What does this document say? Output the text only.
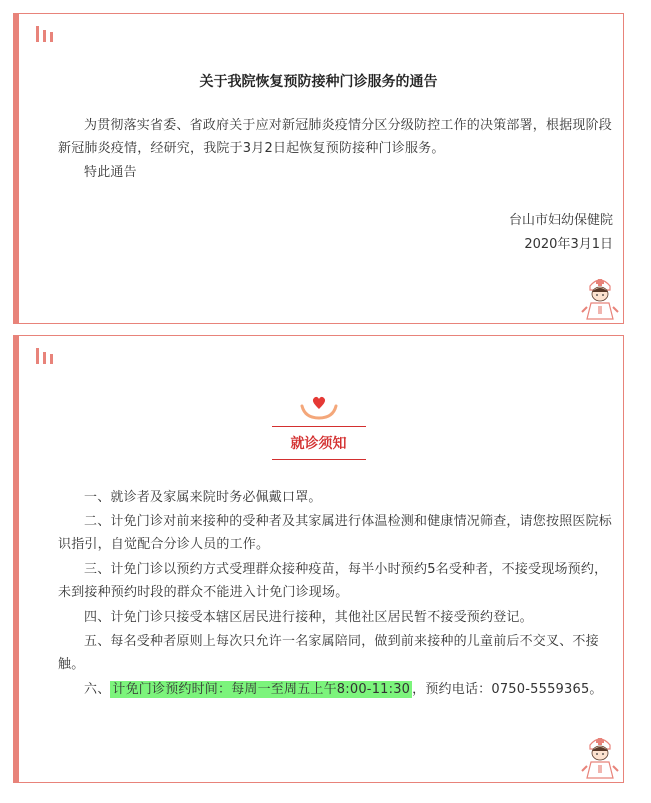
关于我院恢复预防接种门诊服务的通告

为贯彻落实省委、省政府关于应对新冠肺炎疫情分区分级防控工作的决策部署，根据现阶段新冠肺炎疫情，经研究，我院于3月2日起恢复预防接种门诊服务。

特此通告

台山市妇幼保健院
2020年3月1日
就诊须知

一、就诊者及家属来院时务必佩戴口罩。

二、计免门诊对前来接种的受种者及其家属进行体温检测和健康情况筛查，请您按照医院标识指引，自觉配合分诊人员的工作。

三、计免门诊以预约方式受理群众接种疫苗，每半小时预约5名受种者，不接受现场预约，未到接种预约时段的群众不能进入计免门诊现场。

四、计免门诊只接受本辖区居民进行接种，其他社区居民暂不接受预约登记。

五、每名受种者原则上每次只允许一名家属陪同，做到前来接种的儿童前后不交叉、不接触。

六、 计免门诊预约时间：每周一至周五上午8:00-11:30 ，预约电话：0750-5559365。
